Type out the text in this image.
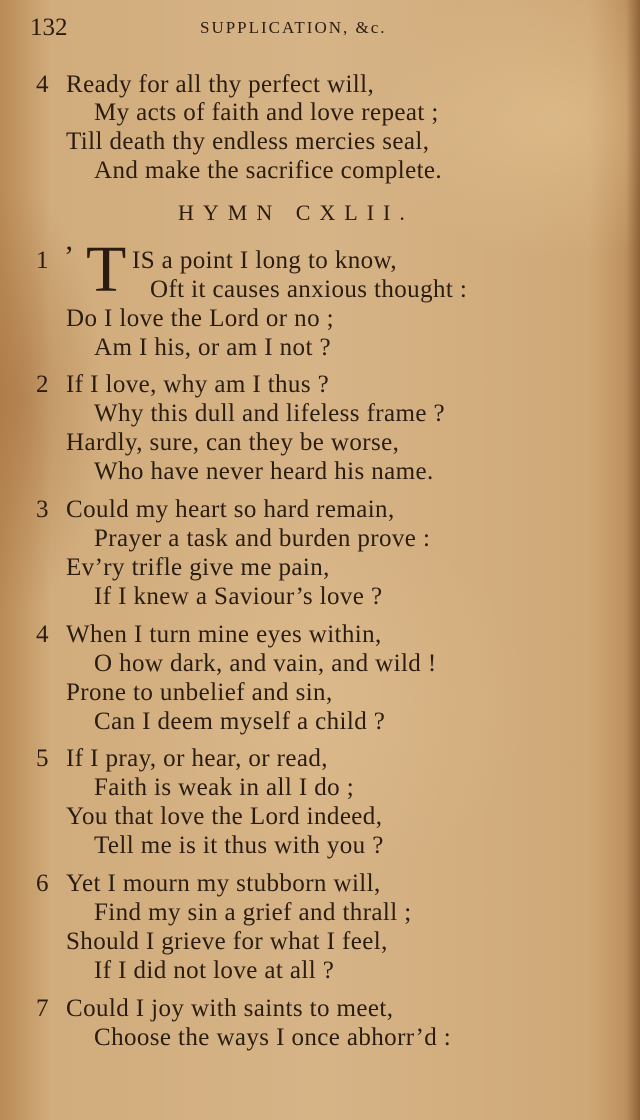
132	SUPPLICATION, &c.
4 Ready for all thy perfect will,
My acts of faith and love repeat ;
Till death thy endless mercies seal,
And make the sacrifice complete.
HYMN CXLII.
1 ’ T IS a point I long to know,
Oft it causes anxious thought :
Do I love the Lord or no ;
Am I his, or am I not ?
2 If I love, why am I thus ?
Why this dull and lifeless frame ?
Hardly, sure, can they be worse,
Who have never heard his name.
3 Could my heart so hard remain,
Prayer a task and burden prove :
Ev’ry trifle give me pain,
If I knew a Saviour’s love ?
4 When I turn mine eyes within,
O how dark, and vain, and wild !
Prone to unbelief and sin,
Can I deem myself a child ?
5 If I pray, or hear, or read,
Faith is weak in all I do ;
You that love the Lord indeed,
Tell me is it thus with you ?
6 Yet I mourn my stubborn will,
Find my sin a grief and thrall ;
Should I grieve for what I feel,
If I did not love at all ?
7 Could I joy with saints to meet,
Choose the ways I once abhorr’d :
